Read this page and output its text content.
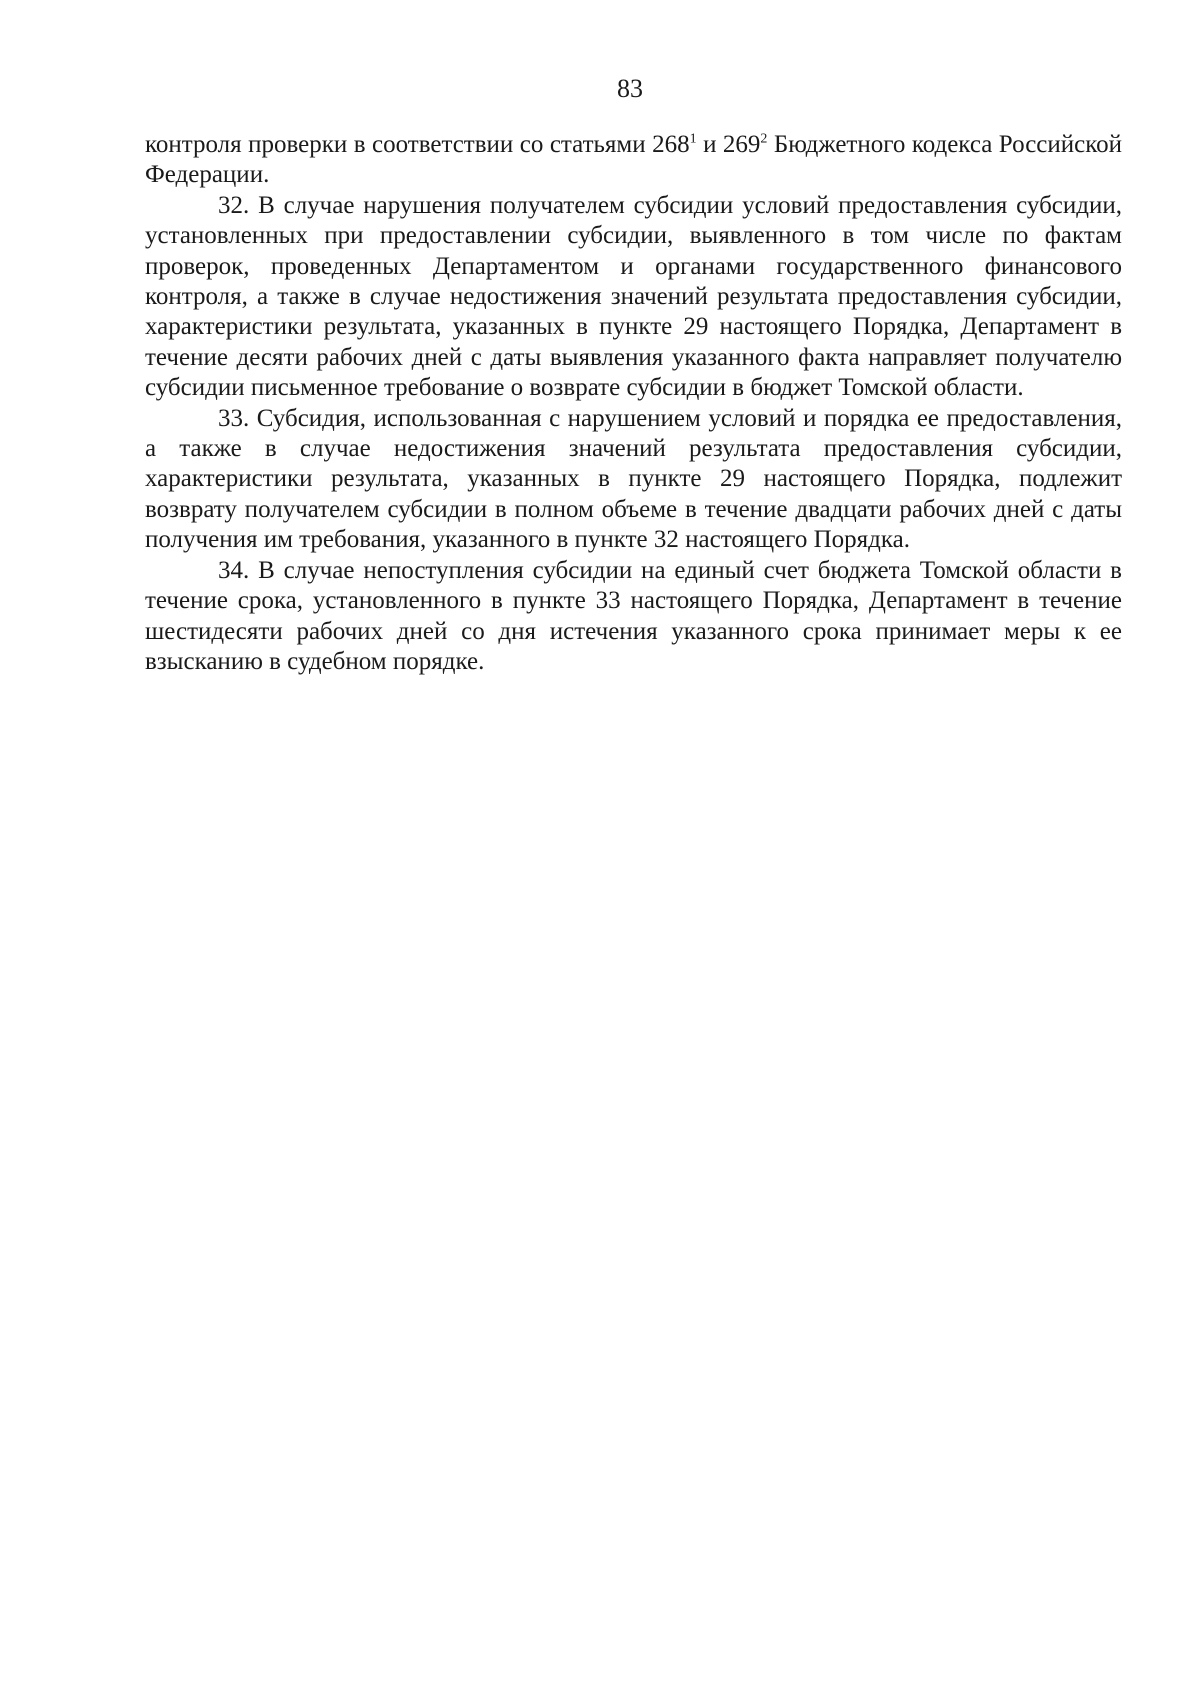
83

контроля проверки в соответствии со статьями $268^1$ и $269^2$ Бюджетного кодекса Российской Федерации.

32. В случае нарушения получателем субсидии условий предоставления субсидии, установленных при предоставлении субсидии, выявленного в том числе по фактам проверок, проведенных Департаментом и органами государственного финансового контроля, а также в случае недостижения значений результата предоставления субсидии, характеристики результата, указанных в пункте 29 настоящего Порядка, Департамент в течение десяти рабочих дней с даты выявления указанного факта направляет получателю субсидии письменное требование о возврате субсидии в бюджет Томской области.

33. Субсидия, использованная с нарушением условий и порядка ее предоставления, а также в случае недостижения значений результата предоставления субсидии, характеристики результата, указанных в пункте 29 настоящего Порядка, подлежит возврату получателем субсидии в полном объеме в течение двадцати рабочих дней с даты получения им требования, указанного в пункте 32 настоящего Порядка.

34. В случае непоступления субсидии на единый счет бюджета Томской области в течение срока, установленного в пункте 33 настоящего Порядка, Департамент в течение шестидесяти рабочих дней со дня истечения указанного срока принимает меры к ее взысканию в судебном порядке.
